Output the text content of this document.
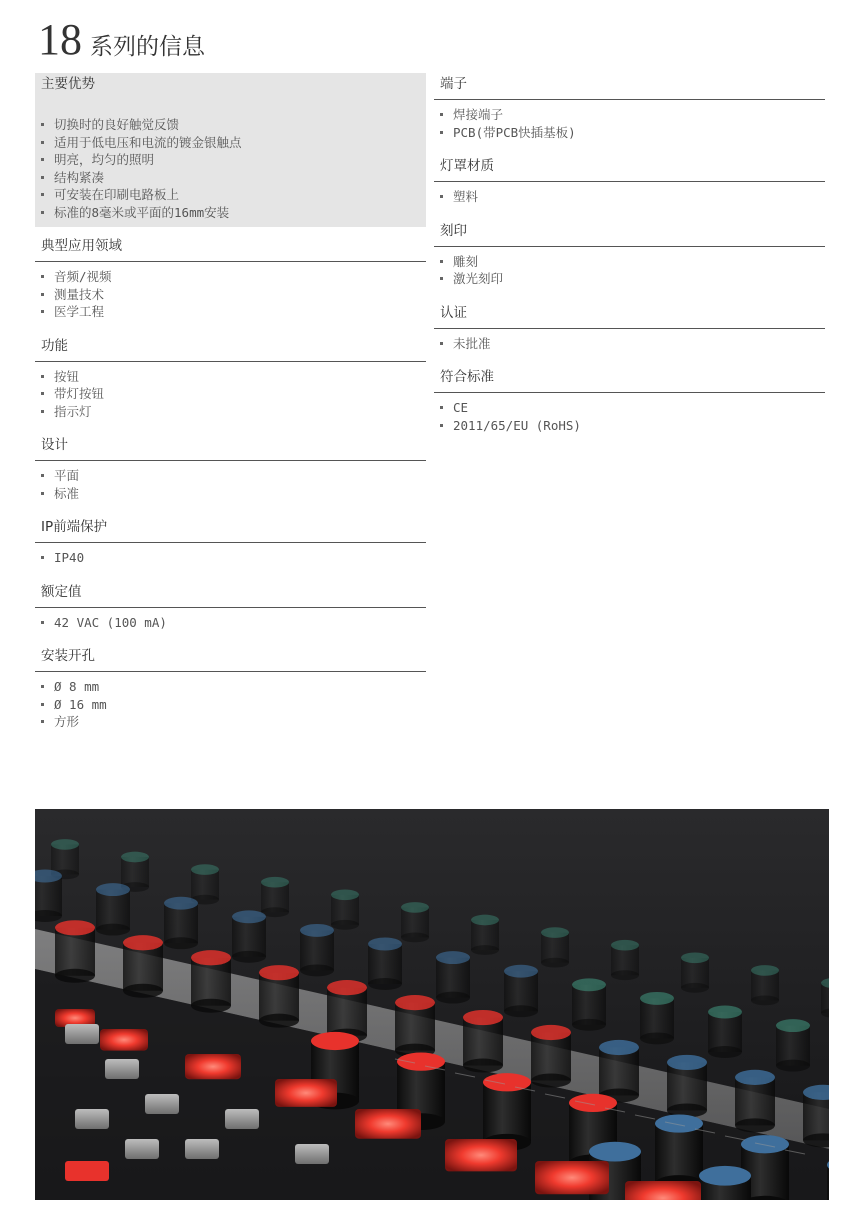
18 系列的信息
主要优势
切换时的良好触觉反馈
适用于低电压和电流的镀金银触点
明亮，均匀的照明
结构紧凑
可安装在印刷电路板上
标准的8毫米或平面的16mm安装
典型应用领域
音频/视频
测量技术
医学工程
功能
按钮
带灯按钮
指示灯
设计
平面
标准
IP前端保护
IP40
额定值
42 VAC (100 mA)
安装开孔
Ø 8 mm
Ø 16 mm
方形
端子
焊接端子
PCB(带PCB快插基板)
灯罩材质
塑料
刻印
雕刻
激光刻印
认证
未批准
符合标准
CE
2011/65/EU (RoHS)
